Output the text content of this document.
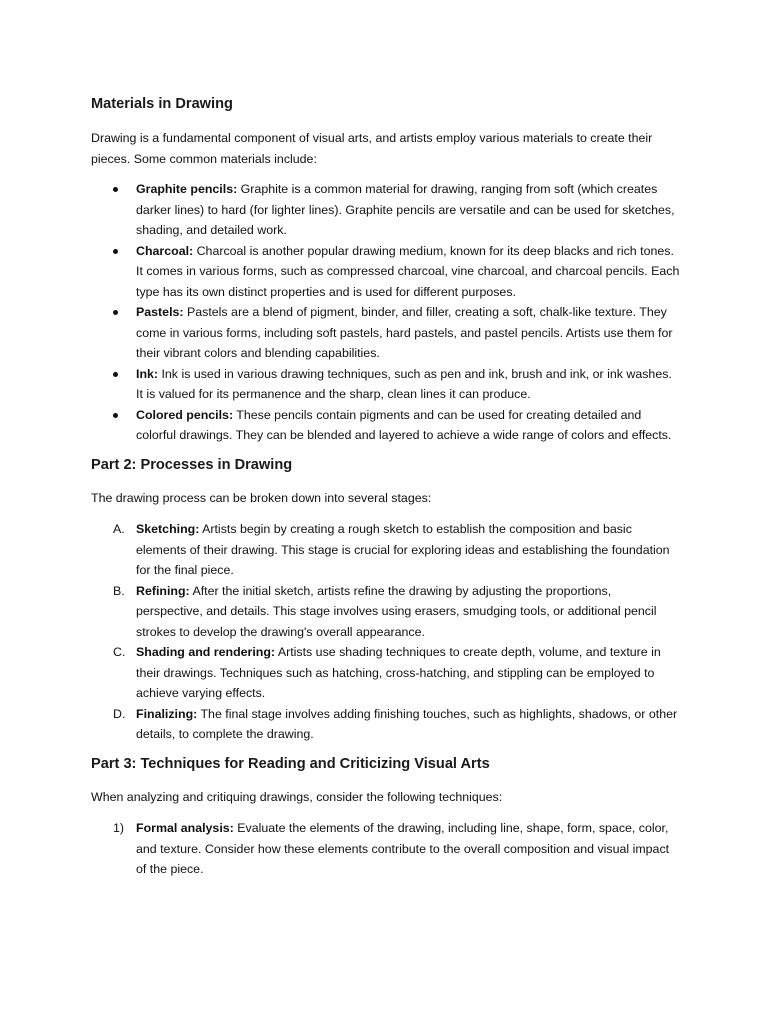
Materials in Drawing

Drawing is a fundamental component of visual arts, and artists employ various materials to create their pieces. Some common materials include:

Graphite pencils: Graphite is a common material for drawing, ranging from soft (which creates darker lines) to hard (for lighter lines). Graphite pencils are versatile and can be used for sketches, shading, and detailed work.
Charcoal: Charcoal is another popular drawing medium, known for its deep blacks and rich tones. It comes in various forms, such as compressed charcoal, vine charcoal, and charcoal pencils. Each type has its own distinct properties and is used for different purposes.
Pastels: Pastels are a blend of pigment, binder, and filler, creating a soft, chalk-like texture. They come in various forms, including soft pastels, hard pastels, and pastel pencils. Artists use them for their vibrant colors and blending capabilities.
Ink: Ink is used in various drawing techniques, such as pen and ink, brush and ink, or ink washes. It is valued for its permanence and the sharp, clean lines it can produce.
Colored pencils: These pencils contain pigments and can be used for creating detailed and colorful drawings. They can be blended and layered to achieve a wide range of colors and effects.
Part 2: Processes in Drawing

The drawing process can be broken down into several stages:

A. Sketching: Artists begin by creating a rough sketch to establish the composition and basic elements of their drawing. This stage is crucial for exploring ideas and establishing the foundation for the final piece.
B. Refining: After the initial sketch, artists refine the drawing by adjusting the proportions, perspective, and details. This stage involves using erasers, smudging tools, or additional pencil strokes to develop the drawing's overall appearance.
C. Shading and rendering: Artists use shading techniques to create depth, volume, and texture in their drawings. Techniques such as hatching, cross-hatching, and stippling can be employed to achieve varying effects.
D. Finalizing: The final stage involves adding finishing touches, such as highlights, shadows, or other details, to complete the drawing.
Part 3: Techniques for Reading and Criticizing Visual Arts

When analyzing and critiquing drawings, consider the following techniques:

1) Formal analysis: Evaluate the elements of the drawing, including line, shape, form, space, color, and texture. Consider how these elements contribute to the overall composition and visual impact of the piece.
